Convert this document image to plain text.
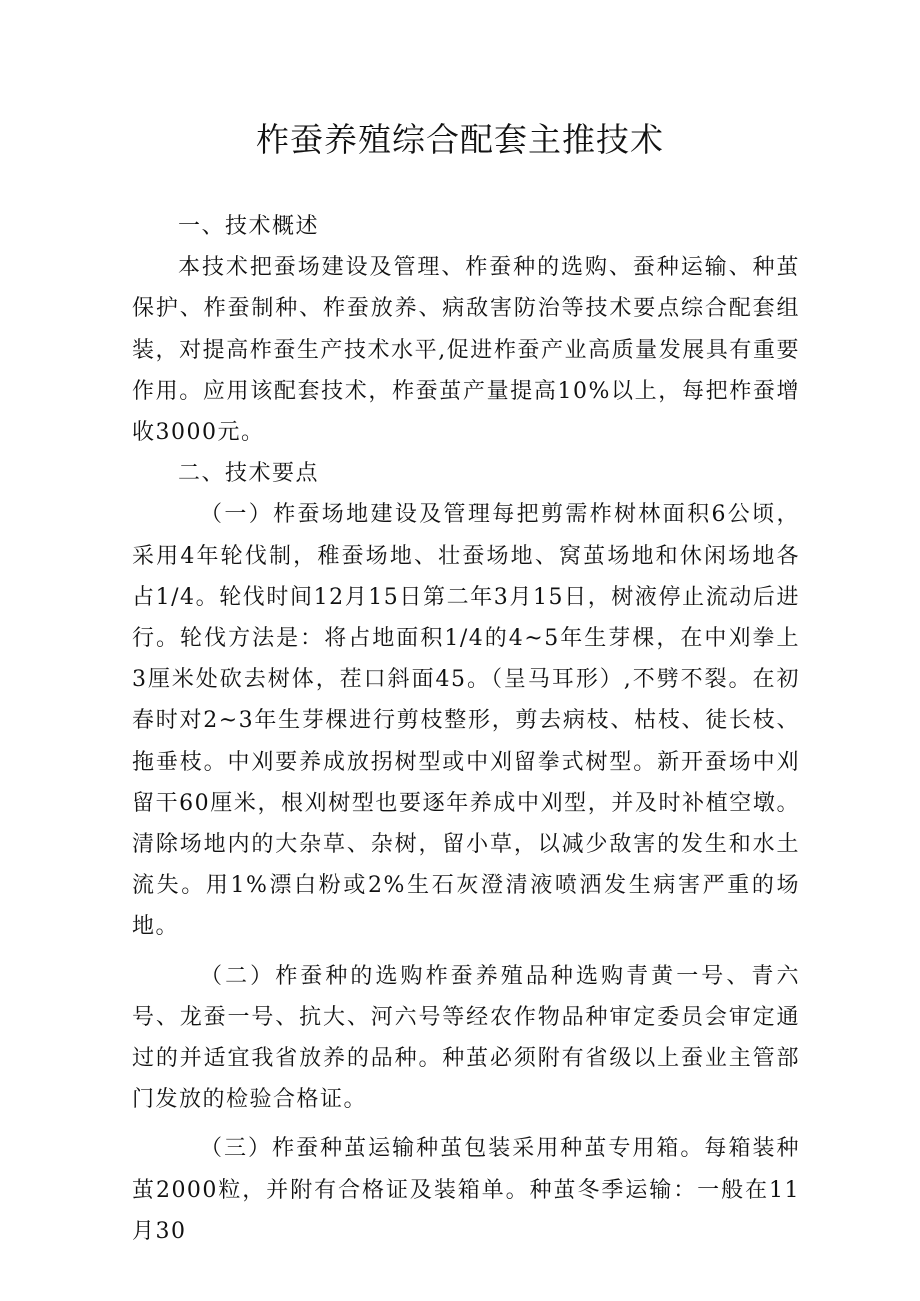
柞蚕养殖综合配套主推技术

一、技术概述

本技术把蚕场建设及管理、柞蚕种的选购、蚕种运输、种茧保护、柞蚕制种、柞蚕放养、病敌害防治等技术要点综合配套组装，对提高柞蚕生产技术水平,促进柞蚕产业高质量发展具有重要作用。应用该配套技术，柞蚕茧产量提高10%以上，每把柞蚕增收3000元。

二、技术要点

（一）柞蚕场地建设及管理每把剪需柞树林面积6公顷，采用4年轮伐制，稚蚕场地、壮蚕场地、窝茧场地和休闲场地各占1/4。轮伐时间12月15日第二年3月15日，树液停止流动后进行。轮伐方法是：将占地面积1/4的4~5年生芽棵，在中刈拳上3厘米处砍去树体，茬口斜面45。（呈马耳形）,不劈不裂。在初春时对2~3年生芽棵进行剪枝整形，剪去病枝、枯枝、徒长枝、拖垂枝。中刈要养成放拐树型或中刈留拳式树型。新开蚕场中刈留干60厘米，根刈树型也要逐年养成中刈型，并及时补植空墩。清除场地内的大杂草、杂树，留小草，以减少敌害的发生和水土流失。用1%漂白粉或2%生石灰澄清液喷洒发生病害严重的场地。

（二）柞蚕种的选购柞蚕养殖品种选购青黄一号、青六号、龙蚕一号、抗大、河六号等经农作物品种审定委员会审定通过的并适宜我省放养的品种。种茧必须附有省级以上蚕业主管部门发放的检验合格证。

（三）柞蚕种茧运输种茧包装采用种茧专用箱。每箱装种茧2000粒，并附有合格证及装箱单。种茧冬季运输：一般在11月30
